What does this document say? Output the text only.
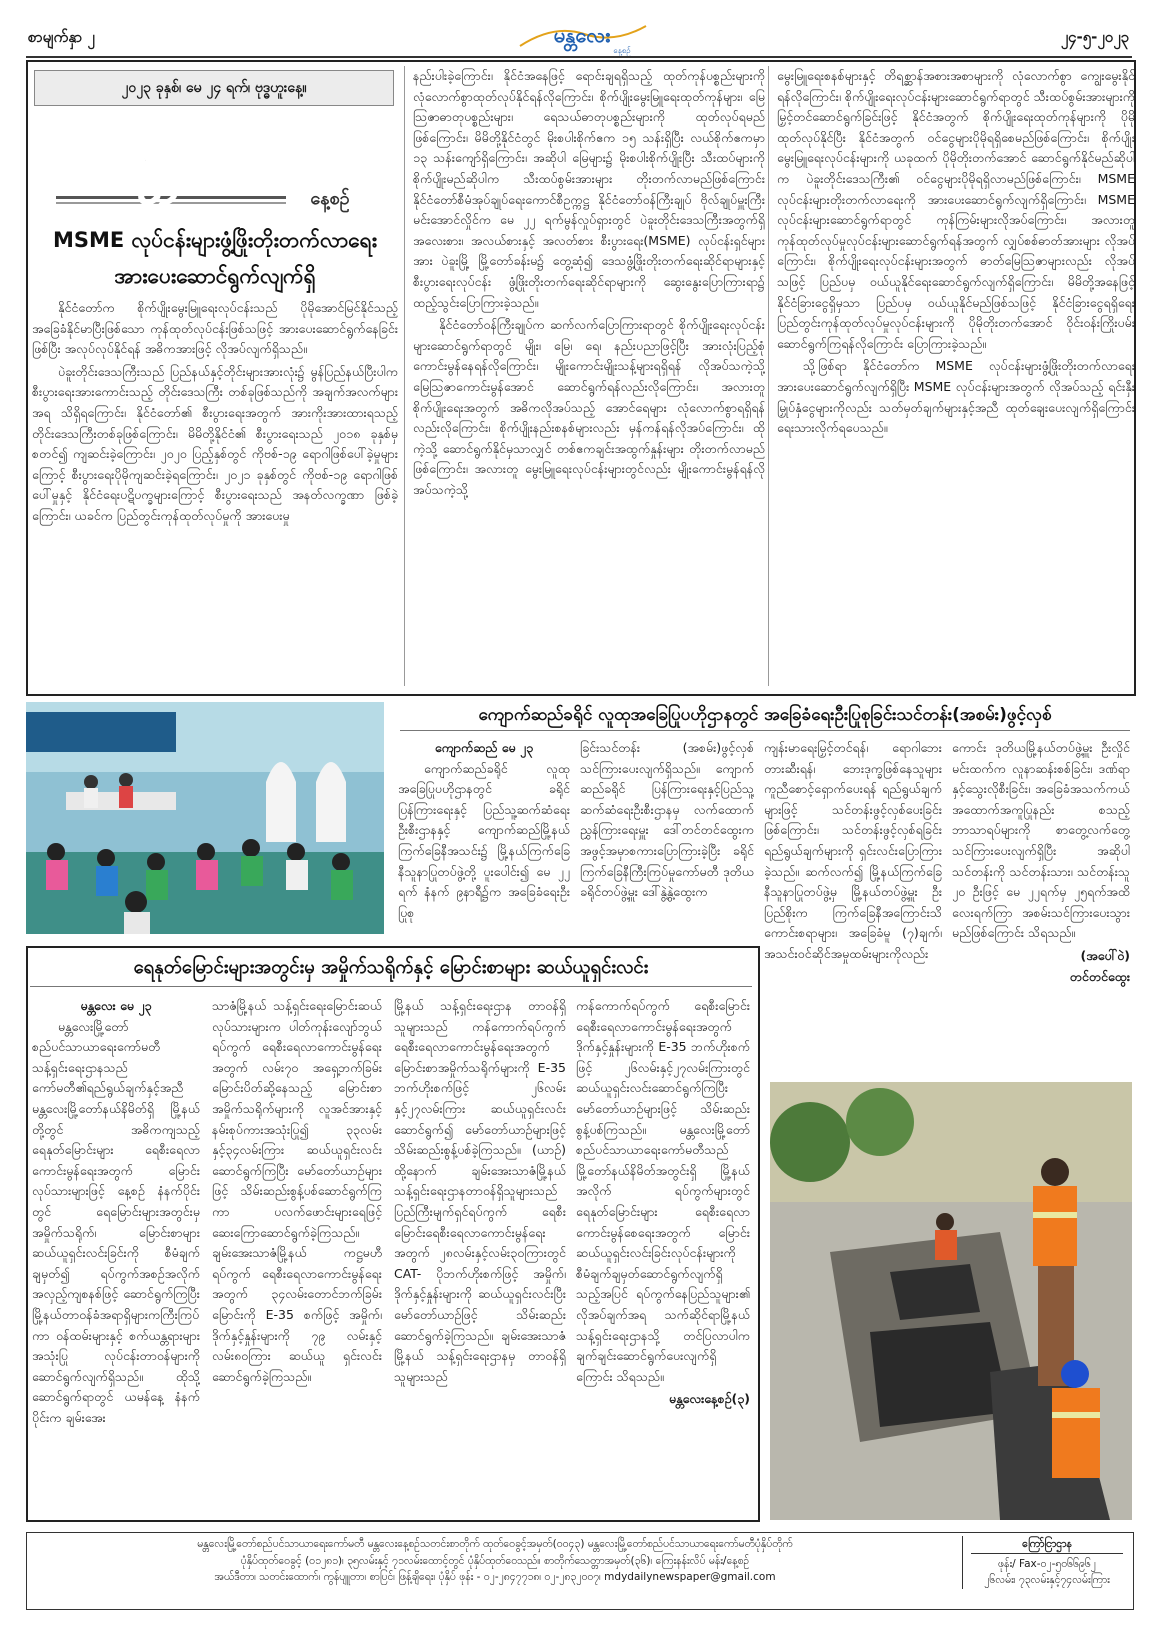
စာမျက်နှာ ၂	မန္တလေး
နေ့စဉ်
၂၄-၅-၂၀၂၃
၂၀၂၃ ခုနှစ်၊ မေ ၂၄ ရက်၊ ဗုဒ္ဓဟူးနေ့။
မန္တလေး
နေ့စဉ်
MSME လုပ်ငန်းများဖွံ့ဖြိုးတိုးတက်လာရေး
အားပေးဆောင်ရွက်လျက်ရှိ

နိုင်ငံတော်က စိုက်ပျိုးမွေးမြူရေးလုပ်ငန်းသည် ပိုမိုအောင်မြင်နိုင်သည့် အခြေခံနိုင်မာပြီးဖြစ်သော ကုန်ထုတ်လုပ်ငန်းဖြစ်သဖြင့် အားပေးဆောင်ရွက်နေခြင်းဖြစ်ပြီး အလုပ်လုပ်နိုင်ရန် အဓိကအားဖြင့် လိုအပ်လျက်ရှိသည်။

ပဲခူးတိုင်းဒေသကြီးသည် ပြည်နယ်နှင့်တိုင်းများအားလုံး၌ မွန်ပြည်နယ်ပြီးပါက စီးပွားရေးအားကောင်းသည့် တိုင်းဒေသကြီး တစ်ခုဖြစ်သည်ကို အချက်အလက်များအရ သိရှိရကြောင်း၊ နိုင်ငံတော်၏ စီးပွားရေးအတွက် အားကိုးအားထားရသည့် တိုင်းဒေသကြီးတစ်ခုဖြစ်ကြောင်း၊ မိမိတို့နိုင်ငံ၏ စီးပွားရေးသည် ၂၀၁၈ ခုနှစ်မှ စတင်၍ ကျဆင်းခဲ့ကြောင်း၊ ၂၀၂၀ ပြည့်နှစ်တွင် ကိုဗစ်-၁၉ ရောဂါဖြစ်ပေါ်ခဲ့မှုများကြောင့် စီးပွားရေးပိုမိုကျဆင်းခဲ့ရကြောင်း၊ ၂၀၂၁ ခုနှစ်တွင် ကိုဗစ်-၁၉ ရောဂါဖြစ်ပေါ်မှုနှင့် နိုင်ငံရေးပဋိပက္ခများကြောင့် စီးပွားရေးသည် အနတ်လက္ခဏာ ဖြစ်ခဲ့ကြောင်း၊ ယခင်က ပြည်တွင်းကုန်ထုတ်လုပ်မှုကို အားပေးမှု

နည်းပါးခဲ့ကြောင်း၊ နိုင်ငံအနေဖြင့် ရောင်းချရရှိသည့် ထုတ်ကုန်ပစ္စည်းများကို လုံလောက်စွာထုတ်လုပ်နိုင်ရန်လိုကြောင်း၊ စိုက်ပျိုးမွေးမြူရေးထုတ်ကုန်များ၊ မြေသြဇာဓာတုပစ္စည်းများ၊ ရေသယ်ဓာတုပစ္စည်းများကို ထုတ်လုပ်ရမည်ဖြစ်ကြောင်း၊ မိမိတို့နိုင်ငံတွင် မိုးစပါးစိုက်ဧက ၁၅ သန်းရှိပြီး လယ်စိုက်ဧကမှာ ၁၃ သန်းကျော်ရှိကြောင်း၊ အဆိုပါ မြေများ၌ မိုးစပါးစိုက်ပျိုးပြီး သီးထပ်များကို စိုက်ပျိုးမည်ဆိုပါက သီးထပ်စွမ်းအားများ တိုးတက်လာမည်ဖြစ်ကြောင်း နိုင်ငံတော်စီမံအုပ်ချုပ်ရေးကောင်စီဥက္ကဋ္ဌ နိုင်ငံတော်ဝန်ကြီးချုပ် ဗိုလ်ချုပ်မှူးကြီး မင်းအောင်လှိုင်က မေ ၂၂ ရက်မွန်လှုပ်ရှားတွင် ပဲခူးတိုင်းဒေသကြီးအတွက်ရှိ အလေးစား၊ အလယ်စားနှင့် အလတ်စား စီးပွားရေး(MSME) လုပ်ငန်းရှင်များအား ပဲခူးမြို့ မြို့တော်ခန်းမ၌ တွေ့ဆုံ၍ ဒေသဖွံ့ဖြိုးတိုးတက်ရေးဆိုင်ရာများနှင့် စီးပွားရေးလုပ်ငန်း ဖွံ့ဖြိုးတိုးတက်ရေးဆိုင်ရာများကို ဆွေးနွေးပြောကြားရာ၌ ထည့်သွင်းပြောကြားခဲ့သည်။

နိုင်ငံတော်ဝန်ကြီးချုပ်က ဆက်လက်ပြောကြားရာတွင် စိုက်ပျိုးရေးလုပ်ငန်းများဆောင်ရွက်ရာတွင် မျိုး၊ မြေ၊ ရေ၊ နည်းပညာဖြင့်ပြီး အားလုံးပြည့်စုံကောင်းမွန်နေရန်လိုကြောင်း၊ မျိုးကောင်းမျိုးသန့်များရရှိရန် လိုအပ်သကဲ့သို့ မြေဩဇာကောင်းမွန်အောင် ဆောင်ရွက်ရန်လည်းလိုကြောင်း၊ အလားတူ စိုက်ပျိုးရေးအတွက် အဓိကလိုအပ်သည့် အောင်ရေများ လုံလောက်စွာရရှိရန်လည်းလိုကြောင်း၊ စိုက်ပျိုးနည်းစနစ်များလည်း မှန်ကန်ရန်လိုအပ်ကြောင်း၊ ထိုကဲ့သို့ ဆောင်ရွက်နိုင်မှသာလျှင် တစ်ဧကချင်းအထွက်နှုန်းများ တိုးတက်လာမည်ဖြစ်ကြောင်း၊ အလားတူ မွေးမြူရေးလုပ်ငန်းများတွင်လည်း မျိုးကောင်းမွန်ရန်လိုအပ်သကဲ့သို့

မွေးမြူရေးစနစ်များနှင့် တိရစ္ဆာန်အစားအစာများကို လုံလောက်စွာ ကျွေးမွေးနိုင်ရန်လိုကြောင်း၊ စိုက်ပျိုးရေးလုပ်ငန်းများဆောင်ရွက်ရာတွင် သီးထပ်စွမ်းအားများကို မြှင့်တင်ဆောင်ရွက်ခြင်းဖြင့် နိုင်ငံအတွက် စိုက်ပျိုးရေးထုတ်ကုန်များကို ပိုမိုထုတ်လုပ်နိုင်ပြီး နိုင်ငံအတွက် ဝင်ငွေများပိုမိုရရှိစေမည်ဖြစ်ကြောင်း၊ စိုက်ပျိုးမွေးမြူရေးလုပ်ငန်းများကို ယခုထက် ပိုမိုတိုးတက်အောင် ဆောင်ရွက်နိုင်မည်ဆိုပါက ပဲခူးတိုင်းဒေသကြီး၏ ဝင်ငွေများပိုမိုရရှိလာမည်ဖြစ်ကြောင်း၊ MSME လုပ်ငန်းများတိုးတက်လာရေးကို အားပေးဆောင်ရွက်လျက်ရှိကြောင်း၊ MSME လုပ်ငန်းများဆောင်ရွက်ရာတွင် ကုန်ကြမ်းများလိုအပ်ကြောင်း၊ အလားတူ ကုန်ထုတ်လုပ်မှုလုပ်ငန်းများဆောင်ရွက်ရန်အတွက် လျှပ်စစ်ဓာတ်အားများ လိုအပ်ကြောင်း၊ စိုက်ပျိုးရေးလုပ်ငန်းများအတွက် ဓာတ်မြေသြဇာများလည်း လိုအပ်သဖြင့် ပြည်ပမှ ဝယ်ယူနိုင်ရေးဆောင်ရွက်လျက်ရှိကြောင်း၊ မိမိတို့အနေဖြင့် နိုင်ငံခြားငွေရှိမှသာ ပြည်ပမှ ဝယ်ယူနိုင်မည်ဖြစ်သဖြင့် နိုင်ငံခြားငွေရရှိရေး ပြည်တွင်းကုန်ထုတ်လုပ်မှုလုပ်ငန်းများကို ပိုမိုတိုးတက်အောင် ဝိုင်းဝန်းကြိုးပမ်းဆောင်ရွက်ကြရန်လိုကြောင်း ပြောကြားခဲ့သည်။

သို့ဖြစ်ရာ နိုင်ငံတော်က MSME လုပ်ငန်းများဖွံ့ဖြိုးတိုးတက်လာရေးအားပေးဆောင်ရွက်လျက်ရှိပြီး MSME လုပ်ငန်းများအတွက် လိုအပ်သည့် ရင်းနှီးမြှုပ်နှံငွေများကိုလည်း သတ်မှတ်ချက်များနှင့်အညီ ထုတ်ချေးပေးလျက်ရှိကြောင်း ရေးသားလိုက်ရပေသည်။

ကျောက်ဆည်ခရိုင် လူထုအခြေပြုပဟိုဌာနတွင် အခြေခံရေးဦးပြုစုခြင်းသင်တန်း(အစမ်း)ဖွင့်လှစ်
ကျောက်ဆည် မေ ၂၃

ကျောက်ဆည်ခရိုင် လူထုအခြေပြုပဟိုဌာနတွင် ခရိုင်ပြန်ကြားရေးနှင့် ပြည်သူ့ဆက်ဆံရေးဦးစီးဌာနနှင့် ကျောက်ဆည်မြို့နယ်ကြက်ခြေနီအသင်း၌ မြို့နယ်ကြက်ခြေနီသူနာပြုတပ်ဖွဲ့တို့ ပူးပေါင်း၍ မေ ၂၂ ရက် နံနက် ၉နာရီ၌က အခြေခံရေးဦးပြုစု

ခြင်းသင်တန်း (အစမ်း)ဖွင့်လှစ် သင်ကြားပေးလျက်ရှိသည်။ ကျောက်ဆည်ခရိုင် ပြန်ကြားရေးနှင့်ပြည်သူ့ဆက်ဆံရေးဦးစီးဌာနမှ လက်ထောက်ညွှန်ကြားရေးမှူး ဒေါ်တင်တင်ထွေးက အဖွင့်အမှာစကားပြောကြားခဲ့ပြီး ခရိုင်ကြက်ခြေနီကြီးကြပ်မှုကော်မတီ ဒုတိယ ခရိုင်တပ်ဖွဲ့မှူး ဒေါ်နွဲ့နွဲ့ထွေးက

ကျန်းမာရေးမြှင့်တင်ရန်၊ ရောဂါဘေးတားဆီးရန်၊ ဘေးဒုက္ခဖြစ်နေသူများ ကူညီစောင့်ရှောက်ပေးရန် ရည်ရွယ်ချက်များဖြင့် သင်တန်းဖွင့်လှစ်ပေးခြင်းဖြစ်ကြောင်း၊ သင်တန်းဖွင့်လှစ်ရခြင်း ရည်ရွယ်ချက်များကို ရှင်းလင်းပြောကြားခဲ့သည်။ ဆက်လက်၍ မြို့နယ်ကြက်ခြေနီသူနာပြုတပ်ဖွဲ့မှ မြို့နယ်တပ်ဖွဲ့မှူး ဦးပြည်စိုးက ကြက်ခြေနီအကြောင်းသိကောင်းစရာများ၊ အခြေခံမူ (၇)ချက်၊ အသင်းဝင်ဆိုင်အမှုထမ်းများကိုလည်း

ကောင်း ဒုတိယမြို့နယ်တပ်ဖွဲ့မှူး ဦးလှိုင်မင်းထက်က လူနာဆန်းစစ်ခြင်း၊ ဒဏ်ရာနှင့်သွေးလိုစီးခြင်း၊ အခြေခံအသက်ကယ်အထောက်အကူပြုနည်း စသည့်ဘာသာရပ်များကို စာတွေ့လက်တွေ့ သင်ကြားပေးလျက်ရှိပြီး အဆိုပါသင်တန်းကို သင်တန်းသား၊ သင်တန်းသူ ၂၀ ဦးဖြင့် မေ ၂၂ရက်မှ ၂၅ရက်အထိ လေးရက်ကြာ အစမ်းသင်ကြားပေးသွားမည်ဖြစ်ကြောင်း သိရသည်။

(အပေါ်ဝဲ)
တင်တင်ထွေး
ရေနုတ်မြောင်းများအတွင်းမှ အမှိုက်သရိုက်နှင့် မြောင်းစာများ ဆယ်ယူရှင်းလင်း
မန္တလေး မေ ၂၃

မန္တလေးမြို့တော်စည်ပင်သာယာရေးကော်မတီ သန့်ရှင်းရေးဌာနသည် ကော်မတီ၏ရည်ရွယ်ချက်နှင့်အညီ မန္တလေးမြို့တော်နယ်နိမိတ်ရှိ မြို့နယ်တို့တွင် အဓိကကျသည့် ရေနုတ်မြောင်းများ ရေစီးရေလာကောင်းမွန်ရေးအတွက် မြောင်းလုပ်သားများဖြင့် နေ့စဉ် နံနက်ပိုင်းတွင် ရေမြောင်းများအတွင်းမှ အမှိုက်သရိုက်၊ မြောင်းစာများ ဆယ်ယူရှင်းလင်းခြင်းကို စီမံချက်ချမှတ်၍ ရပ်ကွက်အစဉ်အလိုက် အလှည့်ကျစနစ်ဖြင့် ဆောင်ရွက်ကြပြီး မြို့နယ်တာဝန်ခံအရာရှိများကကြီးကြပ်ကာ ဝန်ထမ်းများနှင့် စက်ယန္တရားများအသုံးပြု လုပ်ငန်းတာဝန်များကို ဆောင်ရွက်လျက်ရှိသည်။ ထိုသို့ ဆောင်ရွက်ရာတွင် ယမန်နေ့ နံနက်ပိုင်းက ချမ်းအေး

သာဇံမြို့နယ် သန့်ရှင်းရေးမြောင်းဆယ်လုပ်သားများက ပါတ်ကုန်းလျော်ဘွယ်ရပ်ကွက် ရေစီးရေလာကောင်းမွန်ရေးအတွက် လမ်း၇၀ အရှေ့ဘက်ခြမ်းမြောင်းပိတ်ဆို့နေသည့် မြောင်းစာအမှိုက်သရိုက်များကို လူအင်အားနှင့်နမ်းစုပ်ကားအသုံးပြု၍ ၃၃လမ်းနှင့်၃၄လမ်းကြား ဆယ်ယူရှင်းလင်းဆောင်ရွက်ကြပြီး မော်တော်ယာဉ်များဖြင့် သိမ်းဆည်းစွန့်ပစ်ဆောင်ရွက်ကြ ကာ ပလက်ဖောင်းများရေဖြင့် ဆေးကြောဆောင်ရွက်ခဲ့ကြသည်။ ချမ်းအေးသာဇံမြို့နယ် ကဋ္ဌမဟီရပ်ကွက် ရေစီးရေလာကောင်းမွန်ရေးအတွက် ၃၄လမ်းတောင်ဘက်ခြမ်းမြောင်းကို E-35 စက်ဖြင့် အမှိုက်၊ ဒိုက်နှင့်နှုန်းများကို ၇၉ လမ်းနှင့်လမ်း၈၀ကြား ဆယ်ယူ ရှင်းလင်းဆောင်ရွက်ခဲ့ကြသည်။

မြို့နယ် သန့်ရှင်းရေးဌာန တာဝန်ရှိသူများသည် ကန်ကောက်ရပ်ကွက် ရေစီးရေလာကောင်းမွန်ရေးအတွက် မြောင်းစာအမှိုက်သရိုက်များကို E-35 ဘက်ဟိုးစက်ဖြင့် ၂၆လမ်းနှင့်၂၇လမ်းကြား ဆယ်ယူရှင်းလင်းဆောင်ရွက်၍ မော်တော်ယာဉ်များဖြင့် သိမ်းဆည်းစွန့်ပစ်ခဲ့ကြသည်။ (ယာဉ်) ထို့နောက် ချမ်းအေးသာဇံမြို့နယ် သန့်ရှင်းရေးဌာနတာဝန်ရှိသူများသည် ပြည်ကြီးမျက်ရှင်ရပ်ကွက် ရေစီးမြောင်းရေစီးရေလာကောင်းမွန်ရေးအတွက် ၂၈လမ်းနှင့်လမ်း၃၀ကြားတွင် CAT- ပိုဘက်ဟိုးစက်ဖြင့် အမှိုက်၊ ဒိုက်နှင့်နှုန်းများကို ဆယ်ယူရှင်းလင်းပြီး မော်တော်ယာဉ်ဖြင့် သိမ်းဆည်းဆောင်ရွက်ခဲ့ကြသည်။ ချမ်းအေးသာဇံမြို့နယ် သန့်ရှင်းရေးဌာနမှ တာဝန်ရှိသူများသည်

ကန်ကောက်ရပ်ကွက် ရေစီးမြောင်းရေစီးရေလာကောင်းမွန်ရေးအတွက် ဒိုက်နှင့်နှုန်းများကို E-35 ဘက်ဟိုးစက်ဖြင့် ၂၆လမ်းနှင့်၂၇လမ်းကြားတွင် ဆယ်ယူရှင်းလင်းဆောင်ရွက်ကြပြီး မော်တော်ယာဉ်များဖြင့် သိမ်းဆည်းစွန့်ပစ်ကြသည်။ မန္တလေးမြို့တော်စည်ပင်သာယာရေးကော်မတီသည် မြို့တော်နယ်နိမိတ်အတွင်းရှိ မြို့နယ်အလိုက် ရပ်ကွက်များတွင် ရေနုတ်မြောင်းများ ရေစီးရေလာကောင်းမွန်စေရေးအတွက် မြောင်းဆယ်ယူရှင်းလင်းခြင်းလုပ်ငန်းများကို စီမံချက်ချမှတ်ဆောင်ရွက်လျက်ရှိ သည့်အပြင် ရပ်ကွက်နေပြည်သူများ၏ လိုအပ်ချက်အရ သက်ဆိုင်ရာမြို့နယ်သန့်ရှင်းရေးဌာနသို့ တင်ပြလာပါက ချက်ချင်းဆောင်ရွက်ပေးလျက်ရှိကြောင်း သိရသည်။

မန္တလေးနေ့စဉ်(၃)
မန္တလေးမြို့တော်စည်ပင်သာယာရေးကော်မတီ မန္တလေးနေ့စဉ်သတင်းစာတိုက် ထုတ်ဝေခွင့်အမှတ်(၀၀၄၃) မန္တလေးမြို့တော်စည်ပင်သာယာရေးကော်မတီပုံနှိပ်တိုက်
ပုံနှိပ်ထုတ်ဝေခွင့် (၀၁၂၈၁)၊ ၃၅လမ်းနှင့် ၇၁လမ်းထောင့်တွင် ပုံနှိပ်ထုတ်ဝေသည်။ စာတိုက်သေတ္တာအမှတ်(၃၆)၊ ကြေးနန်းလိပ် မန်း/နေ့စဉ်
အယ်ဒီတာ၊ သတင်းထောက်၊ ကွန်ပျူတာ၊ စာပြင်၊ ဖြန့်ချိရေး၊ ပုံနှိပ် ဖုန်း - ၀၂-၂၈၄၇၇၁၈၊ ၀၂-၂၈၃၂၀၀၇၊ mdydailynewspaper@gmail.com
ကြော်ငြာဌာန
ဖုန်း/ Fax-၀၂-၅၀၆၆၉၆၂
၂၆လမ်း၊ ၇၃လမ်းနှင့်၇၄လမ်းကြား
